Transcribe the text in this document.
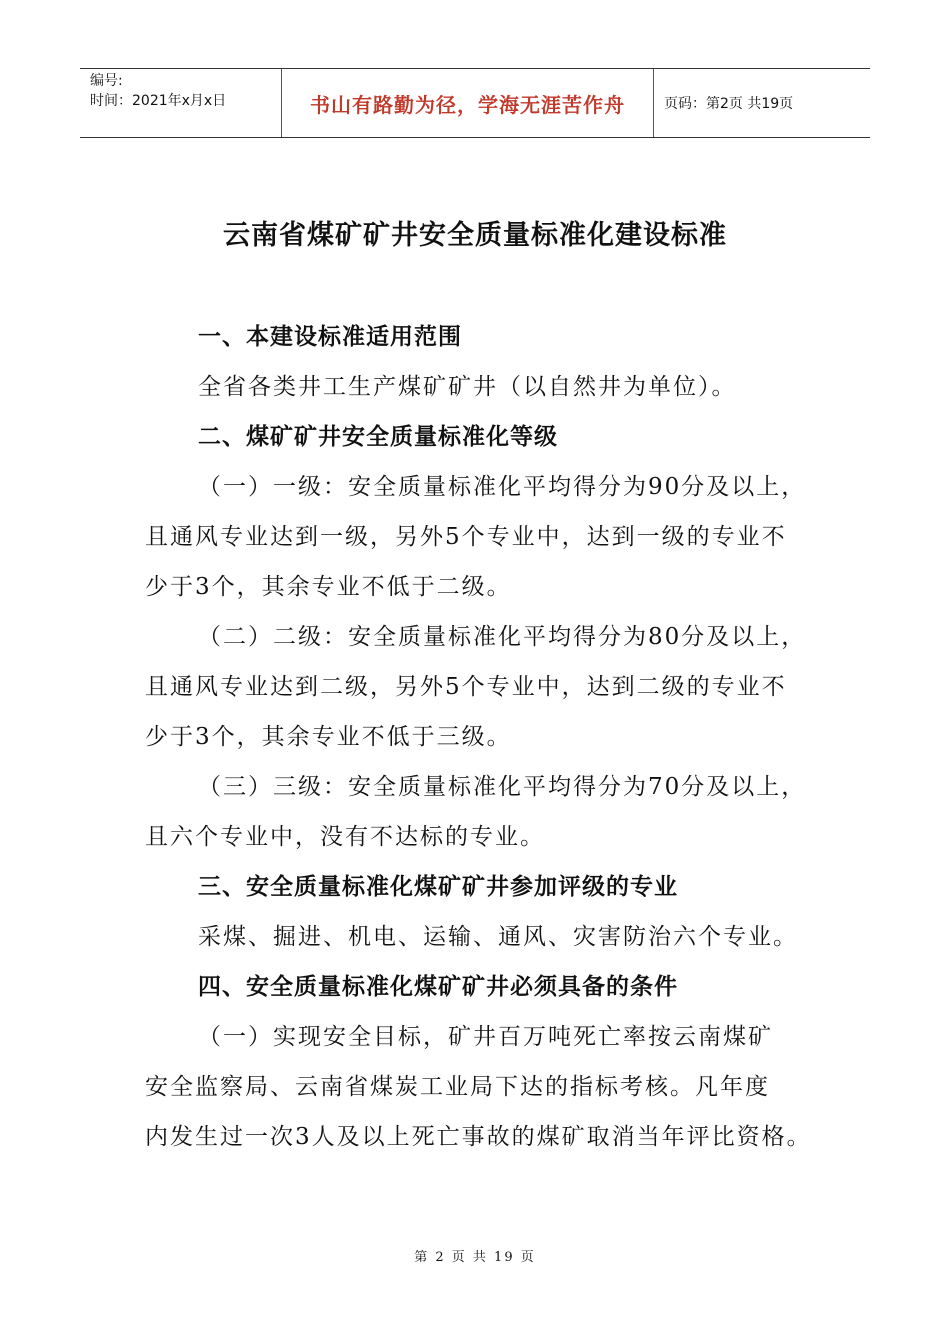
编号:
时间：2021年x月x日	书山有路勤为径，学海无涯苦作舟	页码：第2页 共19页
云南省煤矿矿井安全质量标准化建设标准
一、本建设标准适用范围
全省各类井工生产煤矿矿井（以自然井为单位）。
二、煤矿矿井安全质量标准化等级
（一）一级：安全质量标准化平均得分为90分及以上，
且通风专业达到一级，另外5个专业中，达到一级的专业不
少于3个，其余专业不低于二级。
（二）二级：安全质量标准化平均得分为80分及以上，
且通风专业达到二级，另外5个专业中，达到二级的专业不
少于3个，其余专业不低于三级。
（三）三级：安全质量标准化平均得分为70分及以上，
且六个专业中，没有不达标的专业。
三、安全质量标准化煤矿矿井参加评级的专业
采煤、掘进、机电、运输、通风、灾害防治六个专业。
四、安全质量标准化煤矿矿井必须具备的条件
（一）实现安全目标，矿井百万吨死亡率按云南煤矿
安全监察局、云南省煤炭工业局下达的指标考核。凡年度
内发生过一次3人及以上死亡事故的煤矿取消当年评比资格。
第 2 页 共 19 页
